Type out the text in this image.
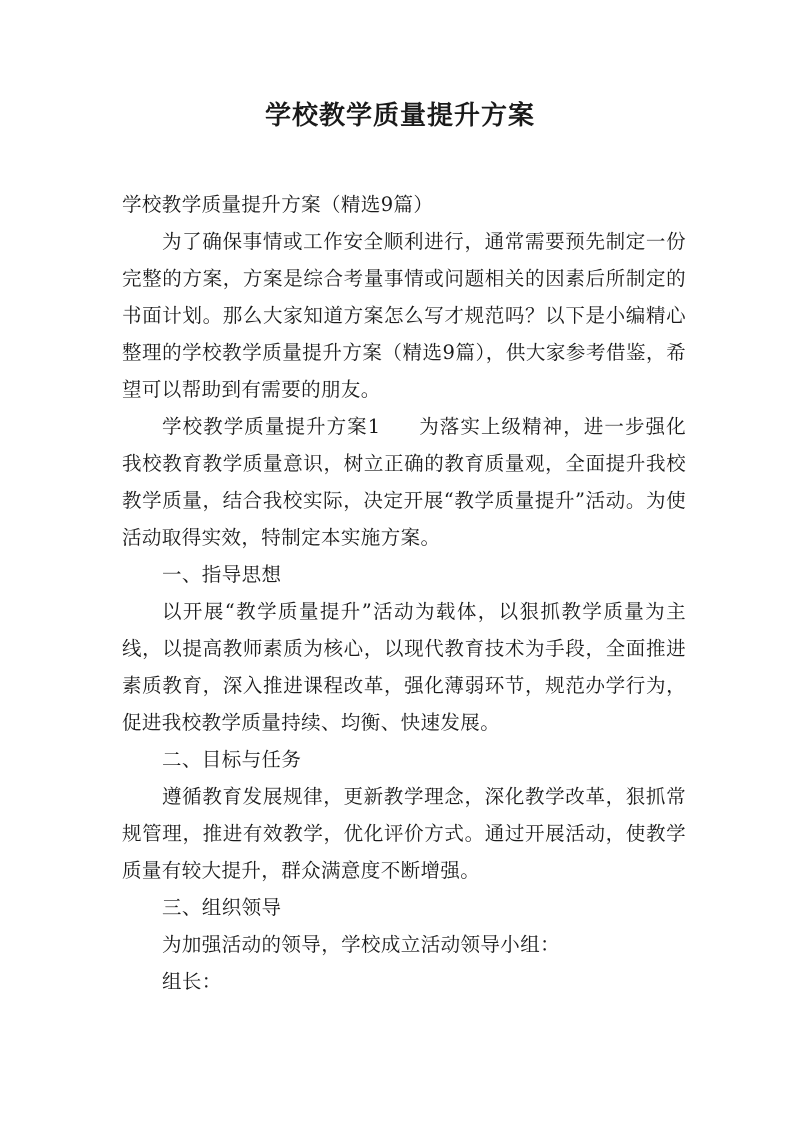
学校教学质量提升方案

学校教学质量提升方案（精选9篇）

为了确保事情或工作安全顺利进行，通常需要预先制定一份完整的方案，方案是综合考量事情或问题相关的因素后所制定的书面计划。那么大家知道方案怎么写才规范吗？以下是小编精心整理的学校教学质量提升方案（精选9篇），供大家参考借鉴，希望可以帮助到有需要的朋友。

学校教学质量提升方案1 为落实上级精神，进一步强化我校教育教学质量意识，树立正确的教育质量观，全面提升我校教学质量，结合我校实际，决定开展“教学质量提升”活动。为使活动取得实效，特制定本实施方案。

一、指导思想

以开展“教学质量提升”活动为载体，以狠抓教学质量为主线，以提高教师素质为核心，以现代教育技术为手段，全面推进素质教育，深入推进课程改革，强化薄弱环节，规范办学行为，促进我校教学质量持续、均衡、快速发展。

二、目标与任务

遵循教育发展规律，更新教学理念，深化教学改革，狠抓常规管理，推进有效教学，优化评价方式。通过开展活动，使教学质量有较大提升，群众满意度不断增强。

三、组织领导

为加强活动的领导，学校成立活动领导小组：

组长：
